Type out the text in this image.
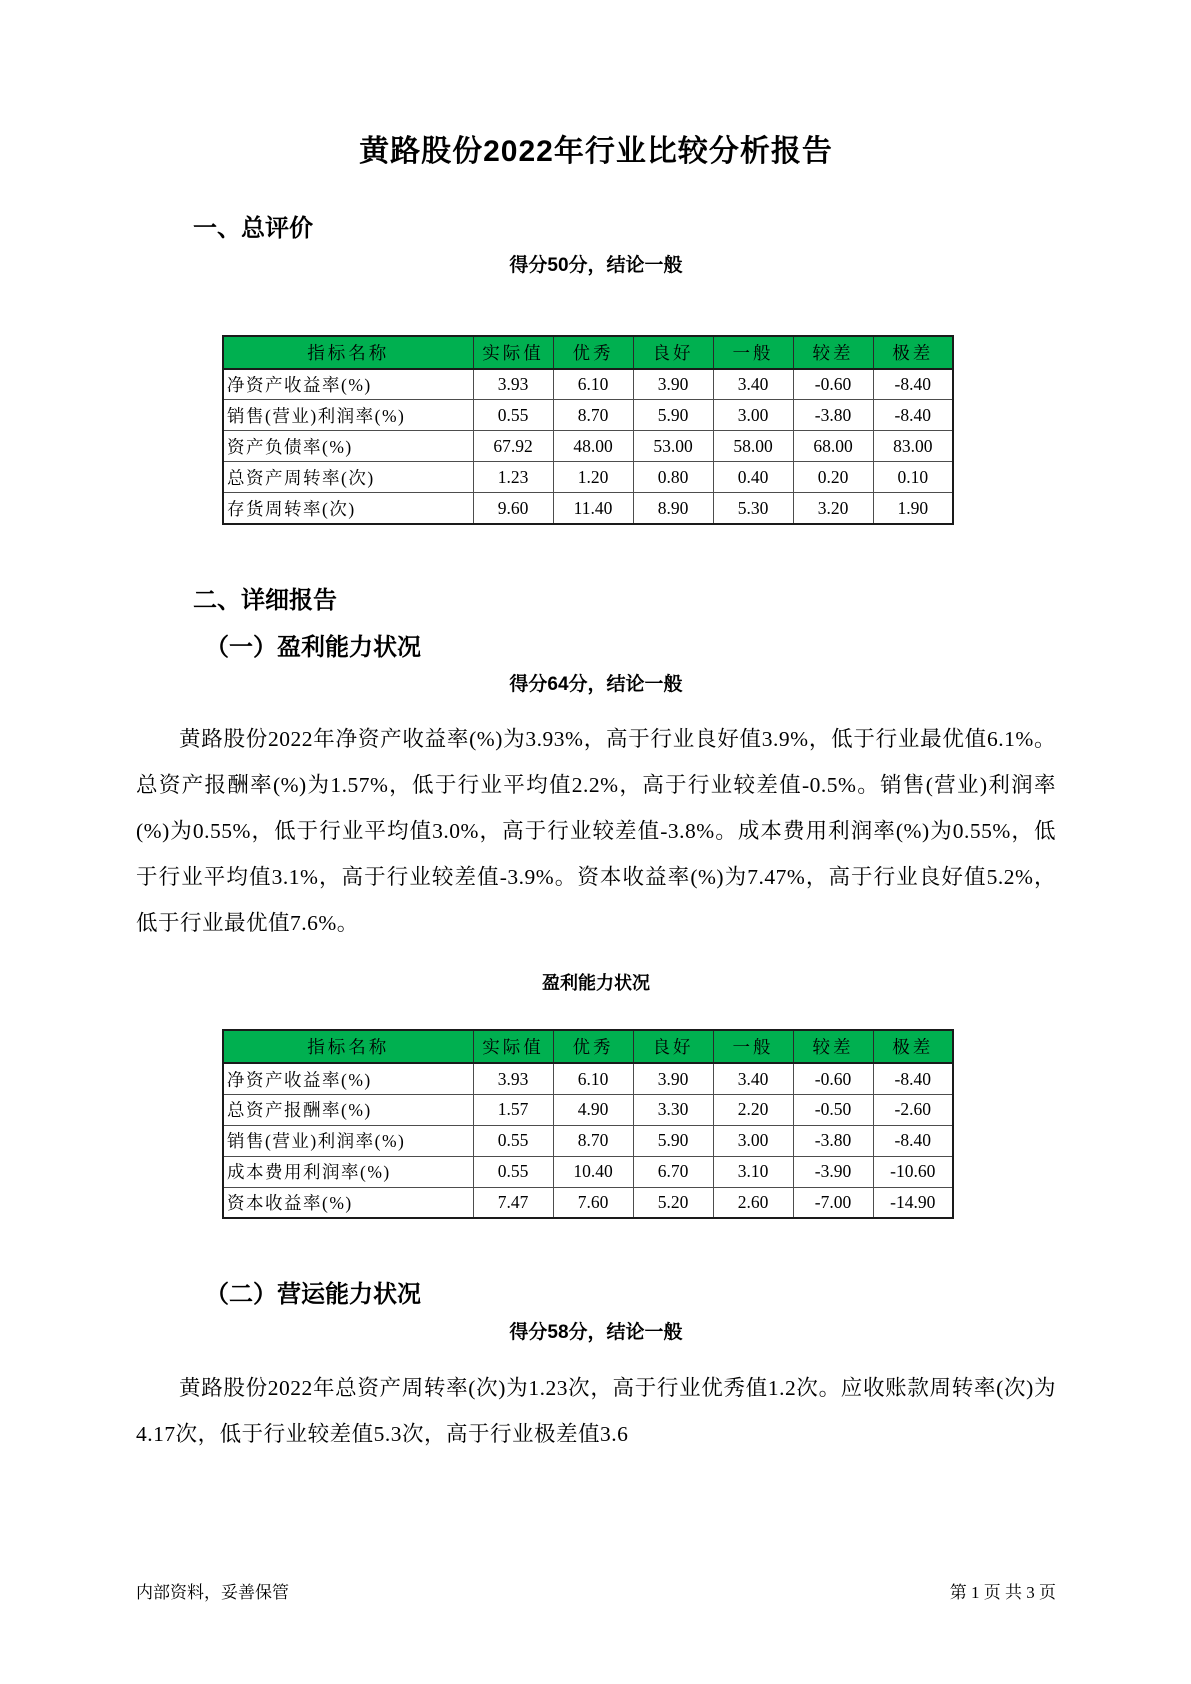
黄路股份2022年行业比较分析报告
一、总评价
得分50分，结论一般
指标名称	实际值	优秀	良好	一般	较差	极差
净资产收益率(%)	3.93	6.10	3.90	3.40	-0.60	-8.40
销售(营业)利润率(%)	0.55	8.70	5.90	3.00	-3.80	-8.40
资产负债率(%)	67.92	48.00	53.00	58.00	68.00	83.00
总资产周转率(次)	1.23	1.20	0.80	0.40	0.20	0.10
存货周转率(次)	9.60	11.40	8.90	5.30	3.20	1.90
二、详细报告
（一）盈利能力状况
得分64分，结论一般

黄路股份2022年净资产收益率(%)为3.93%，高于行业良好值3.9%，低于行业最优值6.1%。总资产报酬率(%)为1.57%，低于行业平均值2.2%，高于行业较差值-0.5%。销售(营业)利润率(%)为0.55%，低于行业平均值3.0%，高于行业较差值-3.8%。成本费用利润率(%)为0.55%，低于行业平均值3.1%，高于行业较差值-3.9%。资本收益率(%)为7.47%，高于行业良好值5.2%，低于行业最优值7.6%。

盈利能力状况
指标名称	实际值	优秀	良好	一般	较差	极差
净资产收益率(%)	3.93	6.10	3.90	3.40	-0.60	-8.40
总资产报酬率(%)	1.57	4.90	3.30	2.20	-0.50	-2.60
销售(营业)利润率(%)	0.55	8.70	5.90	3.00	-3.80	-8.40
成本费用利润率(%)	0.55	10.40	6.70	3.10	-3.90	-10.60
资本收益率(%)	7.47	7.60	5.20	2.60	-7.00	-14.90
（二）营运能力状况
得分58分，结论一般

黄路股份2022年总资产周转率(次)为1.23次，高于行业优秀值1.2次。应收账款周转率(次)为4.17次，低于行业较差值5.3次，高于行业极差值3.6

内部资料，妥善保管	第 1 页 共 3 页
